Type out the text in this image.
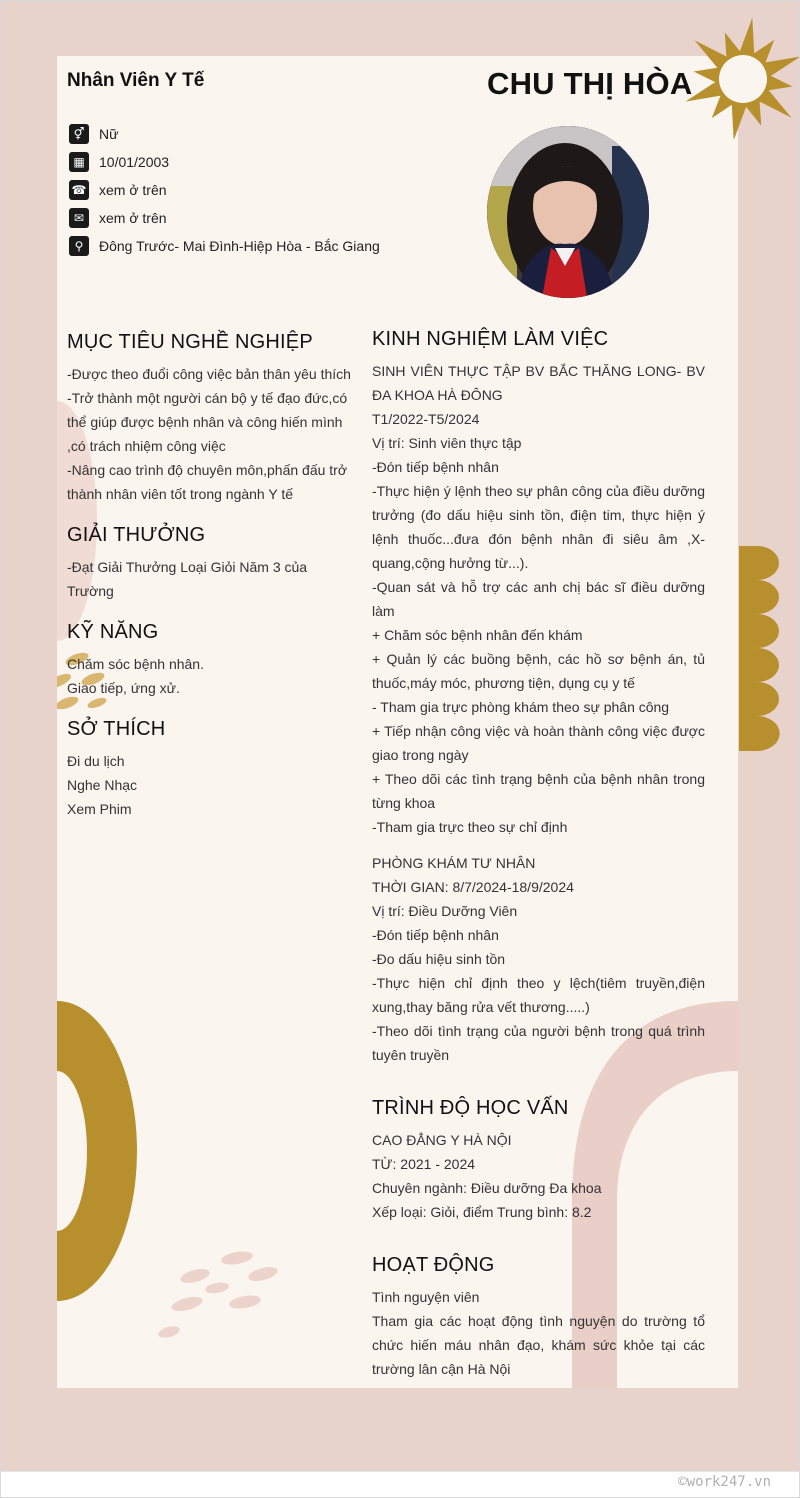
Nhân Viên Y Tế	CHU THỊ HÒA
⚥	Nữ
▦	10/01/2003
☎ xem ở trên
✉	xem ở trên
⚲	Đông Trước- Mai Đình-Hiệp Hòa - Bắc Giang
MỤC TIÊU NGHỀ NGHIỆP
-Được theo đuổi công việc bản thân yêu thích
-Trở thành một người cán bộ y tế đạo đức,có thể giúp được bệnh nhân và công hiến mình ,có trách nhiệm công việc
-Nâng cao trình độ chuyên môn,phấn đấu trở thành nhân viên tốt trong ngành Y tế
GIẢI THƯỞNG
-Đạt Giải Thưởng Loại Giỏi Năm 3 của Trường
KỸ NĂNG
Chăm sóc bệnh nhân.
Giao tiếp, ứng xử.
SỞ THÍCH
Đi du lịch
Nghe Nhạc
Xem Phim
KINH NGHIỆM LÀM VIỆC
SINH VIÊN THỰC TẬP BV BẮC THĂNG LONG- BV ĐA KHOA HÀ ĐÔNG
T1/2022-T5/2024
Vị trí: Sinh viên thực tập
-Đón tiếp bệnh nhân
-Thực hiện ý lệnh theo sự phân công của điều dưỡng trưởng (đo dấu hiệu sinh tồn, điện tim, thực hiện ý lệnh thuốc...đưa đón bệnh nhân đi siêu âm ,X-quang,cộng hưởng từ...).
-Quan sát và hỗ trợ các anh chị bác sĩ điều dưỡng làm
+ Chăm sóc bệnh nhân đến khám
+ Quản lý các buồng bệnh, các hồ sơ bệnh án, tủ thuốc,máy móc, phương tiện, dụng cụ y tế
- Tham gia trực phòng khám theo sự phân công
+ Tiếp nhận công việc và hoàn thành công việc được giao trong ngày
+ Theo dõi các tình trạng bệnh của bệnh nhân trong từng khoa
-Tham gia trực theo sự chỉ định
PHÒNG KHÁM TƯ NHÂN
THỜI GIAN: 8/7/2024-18/9/2024
Vị trí: Điều Dưỡng Viên
-Đón tiếp bệnh nhân
-Đo dấu hiệu sinh tồn
-Thực hiện chỉ định theo y lệch(tiêm truyền,điện xung,thay băng rửa vết thương.....)
-Theo dõi tình trạng của người bệnh trong quá trình tuyên truyền
TRÌNH ĐỘ HỌC VẤN
CAO ĐẲNG Y HÀ NỘI
TỪ: 2021 - 2024
Chuyên ngành: Điều dưỡng Đa khoa
Xếp loại: Giỏi, điểm Trung bình: 8.2
HOẠT ĐỘNG
Tình nguyện viên
Tham gia các hoạt động tình nguyện do trường tổ chức hiến máu nhân đạo, khám sức khỏe tại các trường lân cận Hà Nội
©work247.vn
